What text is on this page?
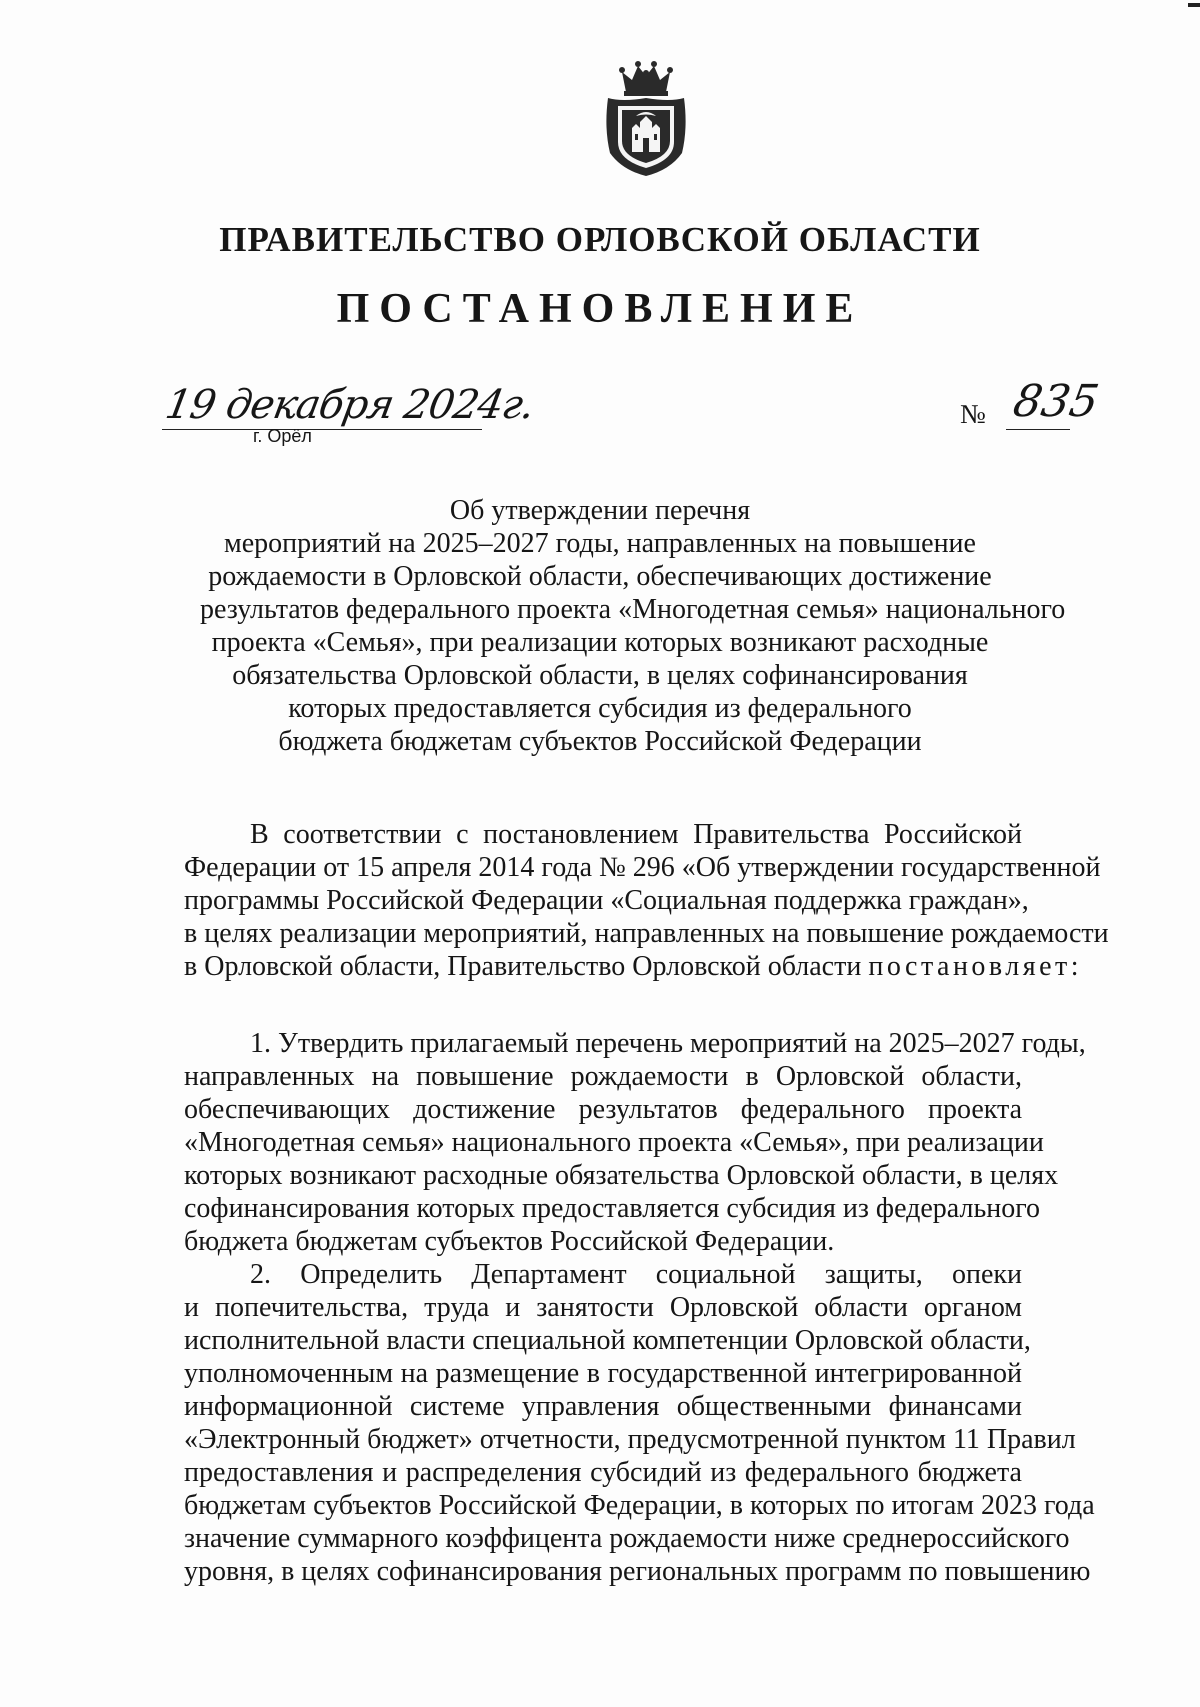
ПРАВИТЕЛЬСТВО ОРЛОВСКОЙ ОБЛАСТИ
ПОСТАНОВЛЕНИЕ
19 декабря 2024г.
г. Орёл
№ 835
Об утверждении перечня
мероприятий на 2025–2027 годы, направленных на повышение
рождаемости в Орловской области, обеспечивающих достижение
результатов федерального проекта «Многодетная семья» национального
проекта «Семья», при реализации которых возникают расходные
обязательства Орловской области, в целях софинансирования
которых предоставляется субсидия из федерального
бюджета бюджетам субъектов Российской Федерации
В соответствии с постановлением Правительства Российской
Федерации от 15 апреля 2014 года № 296 «Об утверждении государственной
программы Российской Федерации «Социальная поддержка граждан»,
в целях реализации мероприятий, направленных на повышение рождаемости
в Орловской области, Правительство Орловской области постановляет:
1. Утвердить прилагаемый перечень мероприятий на 2025–2027 годы,
направленных на повышение рождаемости в Орловской области,
обеспечивающих достижение результатов федерального проекта
«Многодетная семья» национального проекта «Семья», при реализации
которых возникают расходные обязательства Орловской области, в целях
софинансирования которых предоставляется субсидия из федерального
бюджета бюджетам субъектов Российской Федерации.
2. Определить Департамент социальной защиты, опеки
и попечительства, труда и занятости Орловской области органом
исполнительной власти специальной компетенции Орловской области,
уполномоченным на размещение в государственной интегрированной
информационной системе управления общественными финансами
«Электронный бюджет» отчетности, предусмотренной пунктом 11 Правил
предоставления и распределения субсидий из федерального бюджета
бюджетам субъектов Российской Федерации, в которых по итогам 2023 года
значение суммарного коэффицента рождаемости ниже среднероссийского
уровня, в целях софинансирования региональных программ по повышению
